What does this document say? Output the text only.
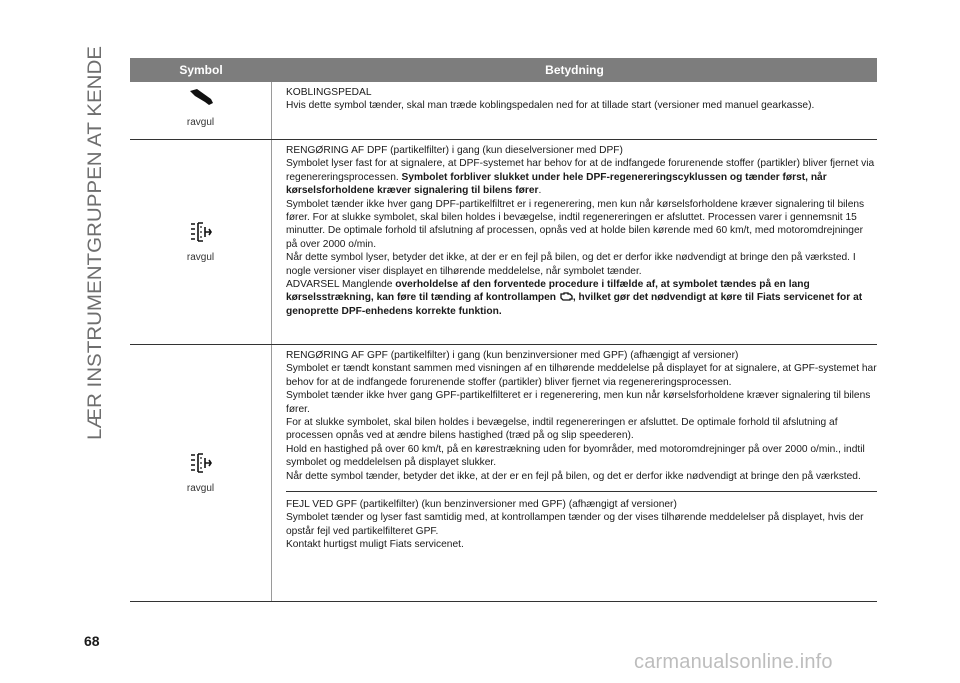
LÆR INSTRUMENTGRUPPEN AT KENDE
Symbol	Betydning
ravgul

KOBLINGSPEDAL

Hvis dette symbol tænder, skal man træde koblingspedalen ned for at tillade start (versioner med manuel gearkasse).

ravgul

RENGØRING AF DPF (partikelfilter) i gang (kun dieselversioner med DPF)

Symbolet lyser fast for at signalere, at DPF-systemet har behov for at de indfangede forurenende stoffer (partikler) bliver fjernet via regenereringsprocessen. Symbolet forbliver slukket under hele DPF-regenereringscyklussen og tænder først, når kørselsforholdene kræver signalering til bilens fører.

Symbolet tænder ikke hver gang DPF-partikelfiltret er i regenerering, men kun når kørselsforholdene kræver signalering til bilens fører. For at slukke symbolet, skal bilen holdes i bevægelse, indtil regenereringen er afsluttet. Processen varer i gennemsnit 15 minutter. De optimale forhold til afslutning af processen, opnås ved at holde bilen kørende med 60 km/t, med motoromdrejninger på over 2000 o/min.

Når dette symbol lyser, betyder det ikke, at der er en fejl på bilen, og det er derfor ikke nødvendigt at bringe den på værksted. I nogle versioner viser displayet en tilhørende meddelelse, når symbolet tænder.

ADVARSEL Manglende overholdelse af den forventede procedure i tilfælde af, at symbolet tændes på en lang kørselsstrækning, kan føre til tænding af kontrollampen , hvilket gør det nødvendigt at køre til Fiats servicenet for at genoprette DPF-enhedens korrekte funktion.

ravgul

RENGØRING AF GPF (partikelfilter) i gang (kun benzinversioner med GPF) (afhængigt af versioner)

Symbolet er tændt konstant sammen med visningen af en tilhørende meddelelse på displayet for at signalere, at GPF-systemet har behov for at de indfangede forurenende stoffer (partikler) bliver fjernet via regenereringsprocessen.

Symbolet tænder ikke hver gang GPF-partikelfilteret er i regenerering, men kun når kørselsforholdene kræver signalering til bilens fører.

For at slukke symbolet, skal bilen holdes i bevægelse, indtil regenereringen er afsluttet. De optimale forhold til afslutning af processen opnås ved at ændre bilens hastighed (træd på og slip speederen).

Hold en hastighed på over 60 km/t, på en kørestrækning uden for byområder, med motoromdrejninger på over 2000 o/min., indtil symbolet og meddelelsen på displayet slukker.

Når dette symbol tænder, betyder det ikke, at der er en fejl på bilen, og det er derfor ikke nødvendigt at bringe den på værksted.

FEJL VED GPF (partikelfilter) (kun benzinversioner med GPF) (afhængigt af versioner)

Symbolet tænder og lyser fast samtidig med, at kontrollampen tænder og der vises tilhørende meddelelser på displayet, hvis der opstår fejl ved partikelfilteret GPF.

Kontakt hurtigst muligt Fiats servicenet.

68
carmanualsonline.info
